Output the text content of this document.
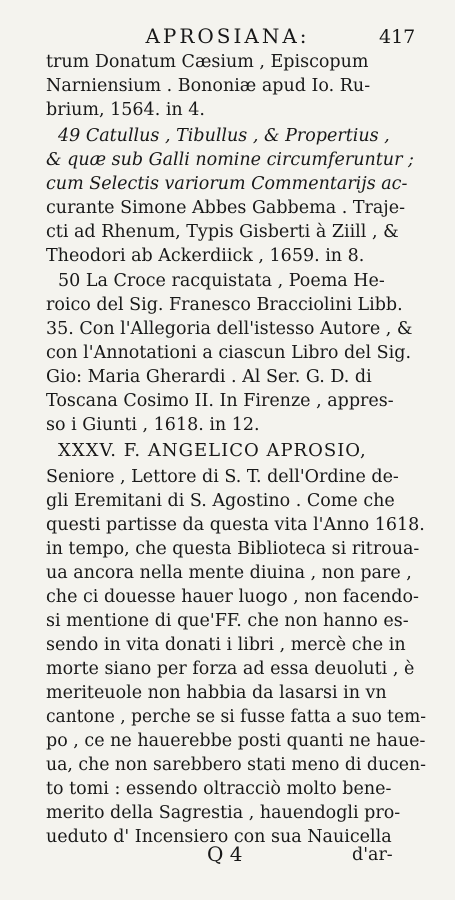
APROSIANA:	417
trum Donatum Cæsium , Episcopum
Narniensium . Bononiæ apud Io. Ru-
brium, 1564. in 4.
49 Catullus , Tibullus , & Propertius ,
& quæ sub Galli nomine circumferuntur ;
cum Selectis variorum Commentarijs ac-
curante Simone Abbes Gabbema . Traje-
cti ad Rhenum, Typis Gisberti à Ziill , &
Theodori ab Ackerdiick , 1659. in 8.
50 La Croce racquistata , Poema He-
roico del Sig. Franesco Bracciolini Libb.
35. Con l'Allegoria dell'istesso Autore , &
con l'Annotationi a ciascun Libro del Sig.
Gio: Maria Gherardi . Al Ser. G. D. di
Toscana Cosimo II. In Firenze , appres-
so i Giunti , 1618. in 12.
XXXV. F. ANGELICO APROSIO,
Seniore , Lettore di S. T. dell'Ordine de-
gli Eremitani di S. Agostino . Come che
questi partisse da questa vita l'Anno 1618.
in tempo, che questa Biblioteca si ritroua-
ua ancora nella mente diuina , non pare ,
che ci douesse hauer luogo , non facendo-
si mentione di que'FF. che non hanno es-
sendo in vita donati i libri , mercè che in
morte siano per forza ad essa deuoluti , è
meriteuole non habbia da lasarsi in vn
cantone , perche se si fusse fatta a suo tem-
po , ce ne hauerebbe posti quanti ne haue-
ua, che non sarebbero stati meno di ducen-
to tomi : essendo oltracciò molto bene-
merito della Sagrestia , hauendogli pro-
ueduto d' Incensiero con sua Nauicella
Q 4	d'ar-
